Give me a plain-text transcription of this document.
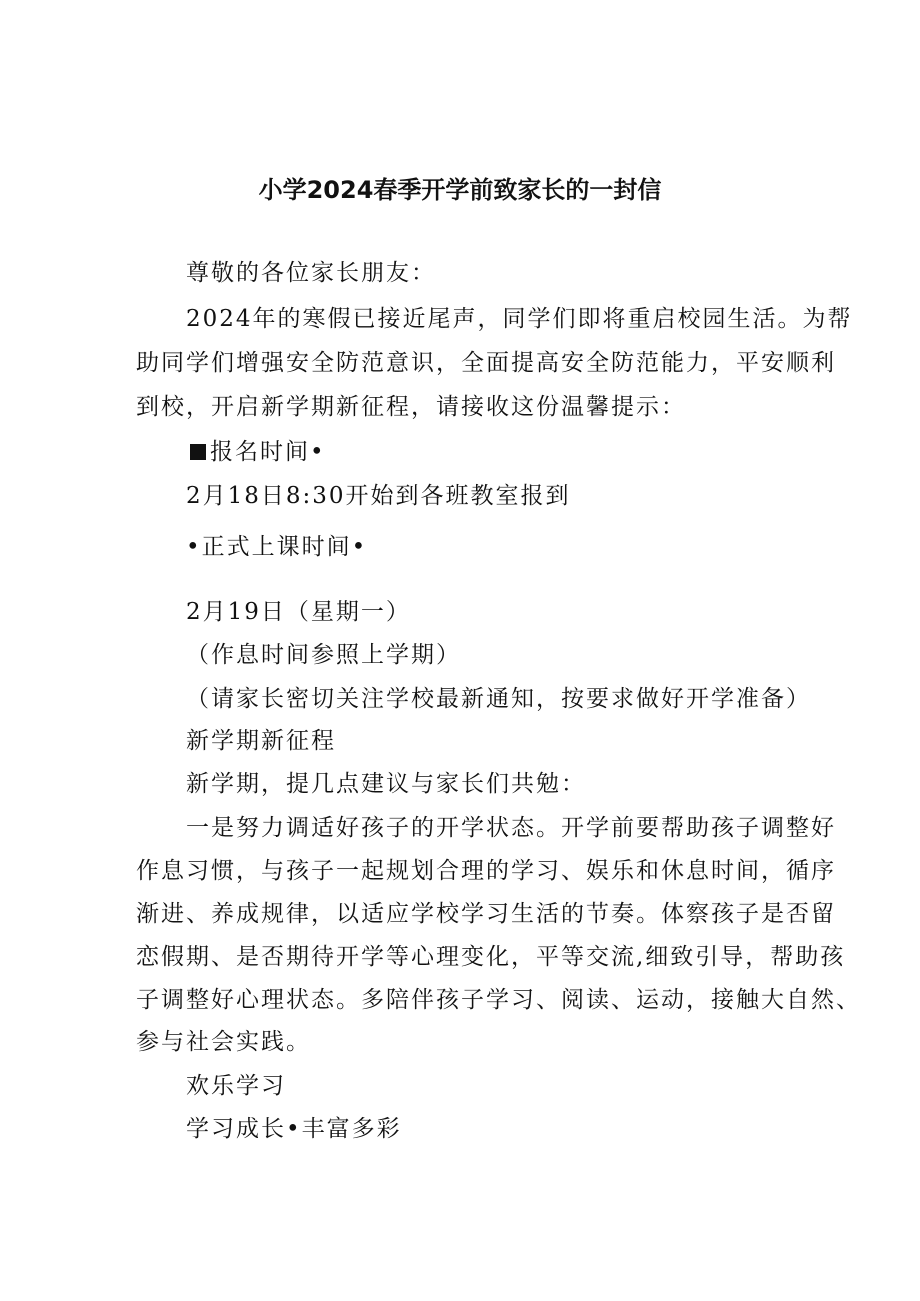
小学2024春季开学前致家长的一封信
尊敬的各位家长朋友：
2024年的寒假已接近尾声，同学们即将重启校园生活。为帮
助同学们增强安全防范意识，全面提高安全防范能力，平安顺利
到校，开启新学期新征程，请接收这份温馨提示：
报名时间•
2月18日8:30开始到各班教室报到
•正式上课时间•
2月19日（星期一）
（作息时间参照上学期）
（请家长密切关注学校最新通知，按要求做好开学准备）
新学期新征程
新学期，提几点建议与家长们共勉：
一是努力调适好孩子的开学状态。开学前要帮助孩子调整好
作息习惯，与孩子一起规划合理的学习、娱乐和休息时间，循序
渐进、养成规律，以适应学校学习生活的节奏。体察孩子是否留
恋假期、是否期待开学等心理变化，平等交流,细致引导，帮助孩
子调整好心理状态。多陪伴孩子学习、阅读、运动，接触大自然、
参与社会实践。
欢乐学习
学习成长•丰富多彩
